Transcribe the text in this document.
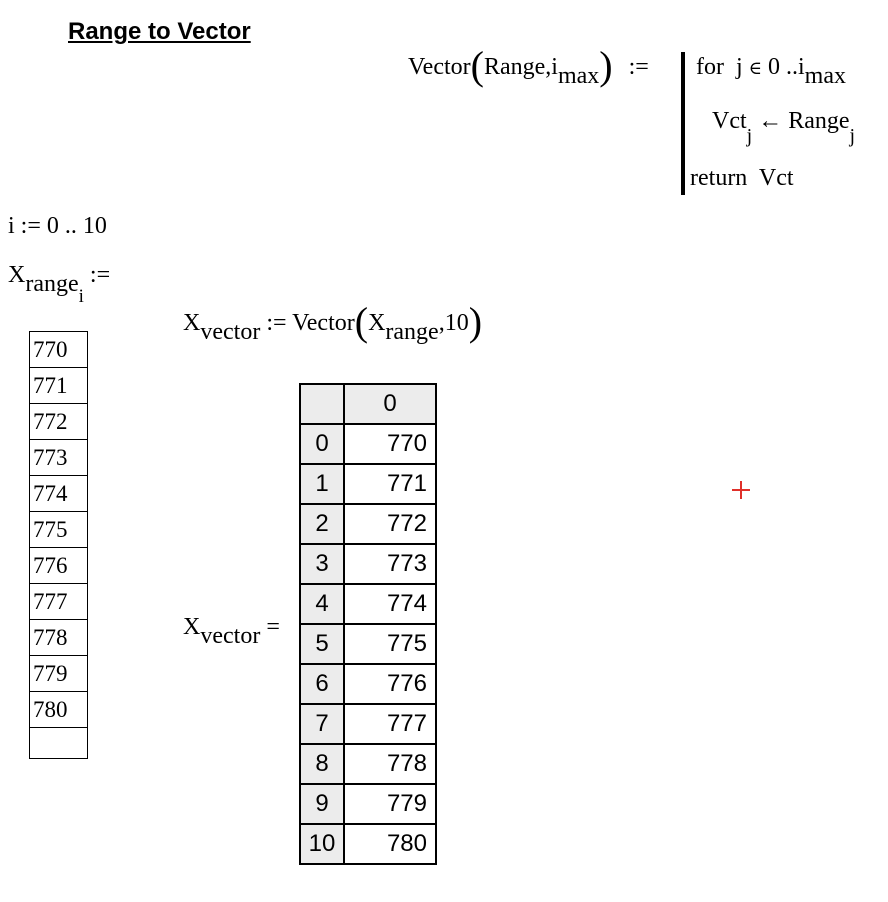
Range to Vector
Vector(Range,imax) := for j ∈ 0 ..imax
Vct$_j$ ← Range$_j$
return Vct
i := 0 .. 10
Xrange$_i$ :=
770
771
772
773
774
775
776
777
778
779
780

Xvector := Vector(Xrange,10)
Xvector =
	0
0	770
1	771
2	772
3	773
4	774
5	775
6	776
7	777
8	778
9	779
10	780
